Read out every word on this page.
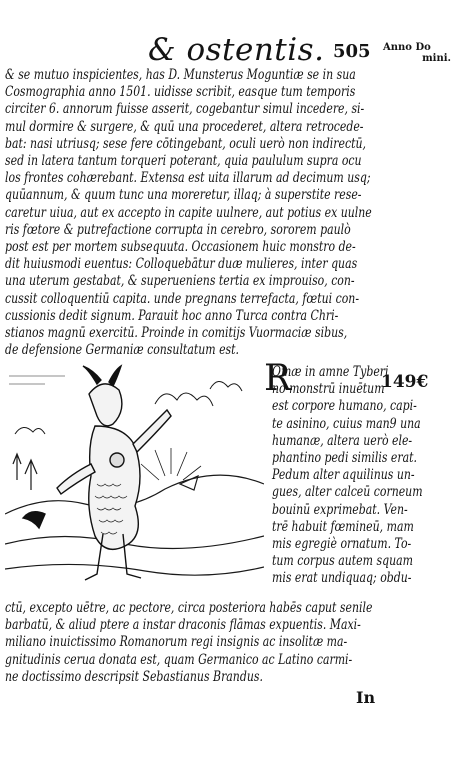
& ostentis. 505 Anno Do
mini.
& se mutuo inspicientes, has D. Munsterus Moguntiæ se in sua
Cosmographia anno 1501. uidisse scribit, easque tum temporis
circiter 6. annorum fuisse asserit, cogebantur simul incedere, si-
mul dormire & surgere, & quū una procederet, altera retrocede-
bat: nasi utriusq; sese fere cōtingebant, oculi uerò non indirectū,
sed in latera tantum torqueri poterant, quia paululum supra ocu
los frontes cohærebant. Extensa est uita illarum ad decimum usq;
quūannum, & quum tunc una moreretur, illaq; à superstite rese-
caretur uiua, aut ex accepto in capite uulnere, aut potius ex uulne
ris fœtore & putrefactione corrupta in cerebro, sororem paulò
post est per mortem subsequuta. Occasionem huic monstro de-
dit huiusmodi euentus: Colloquebātur duæ mulieres, inter quas
una uterum gestabat, & superueniens tertia ex improuiso, con-
cussit colloquentiū capita. unde pregnans terrefacta, fœtui con-
cussionis dedit signum. Parauit hoc anno Turca contra Chri-
stianos magnū exercitū. Proinde in comitijs Vuormaciæ sibus,
de defensione Germaniæ consultatum est.
R	149€
Omæ in amne Tyberi
no monstrū inuētum
est corpore humano, capi-
te asinino, cuius man9 una
humanæ, altera uerò ele-
phantino pedi similis erat.
Pedum alter aquilinus un-
gues, alter calceū corneum
bouinū exprimebat. Ven-
trē habuit fœmineū, mam
mis egregiè ornatum. To-
tum corpus autem squam
mis erat undiquaq; obdu-
ctū, excepto uētre, ac pectore, circa posteriora habēs caput senile
barbatū, & aliud ptere a instar draconis flāmas expuentis. Maxi-
miliano inuictissimo Romanorum regi insignis ac insolitæ ma-
gnitudinis cerua donata est, quam Germanico ac Latino carmi-
ne doctissimo descripsit Sebastianus Brandus.
In
